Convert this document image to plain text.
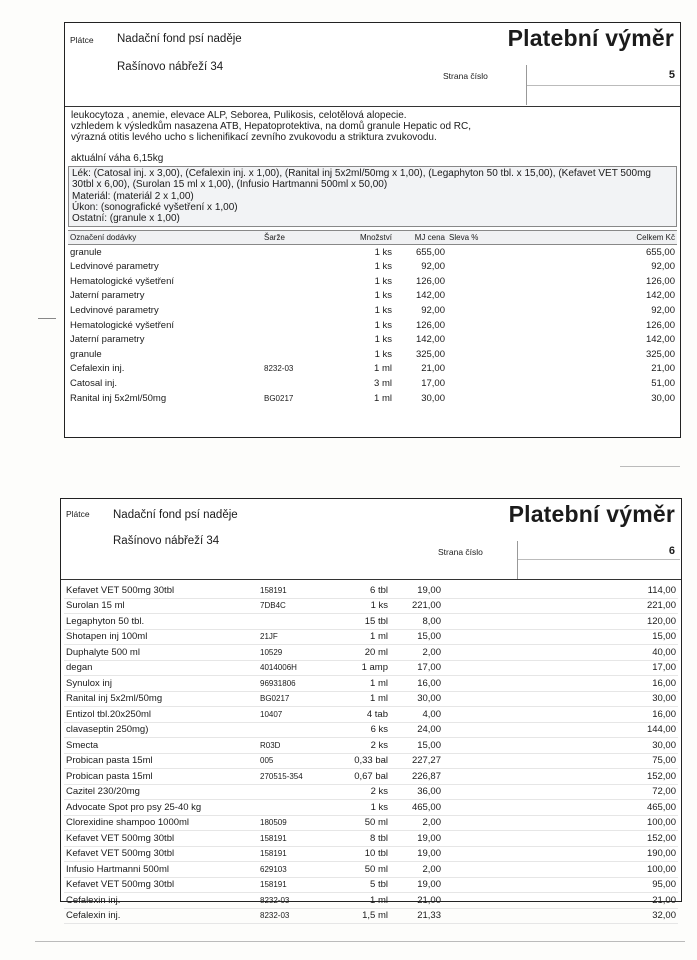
Plátce Nadační fond psí naděje
Rašínovo nábřeží 34
Platební výměr
Strana číslo	5
leukocytoza , anemie, elevace ALP, Seborea, Pulikosis, celotělová alopecie.
vzhledem k výsledkům nasazena ATB, Hepatoprotektiva, na domů granule Hepatic od RC,
výrazná otitis levého ucho s lichenifikací zevního zvukovodu a striktura zvukovodu.
aktuální váha 6,15kg
Lék: (Catosal inj. x 3,00), (Cefalexin inj. x 1,00), (Ranital inj 5x2ml/50mg x 1,00), (Legaphyton 50 tbl. x 15,00), (Kefavet VET 500mg 30tbl x 6,00), (Surolan 15 ml x 1,00), (Infusio Hartmanni 500ml x 50,00)
Materiál: (materiál 2 x 1,00)
Úkon: (sonografické vyšetření x 1,00)
Ostatní: (granule x 1,00)
Označení dodávky	Šarže	Množství	MJ cena	Sleva %	Celkem Kč
granule		1 ks	655,00		655,00
Ledvinové parametry		1 ks	92,00		92,00
Hematologické vyšetření		1 ks	126,00		126,00
Jaterní parametry		1 ks	142,00		142,00
Ledvinové parametry		1 ks	92,00		92,00
Hematologické vyšetření		1 ks	126,00		126,00
Jaterní parametry		1 ks	142,00		142,00
granule		1 ks	325,00		325,00
Cefalexin inj.	8232-03	1 ml	21,00		21,00
Catosal inj.		3 ml	17,00		51,00
Ranital inj 5x2ml/50mg	BG0217	1 ml	30,00		30,00
Plátce Nadační fond psí naděje
Rašínovo nábřeží 34
Platební výměr
Strana číslo	6
Kefavet VET 500mg 30tbl	158191	6 tbl	19,00		114,00
Surolan 15 ml	7DB4C	1 ks	221,00		221,00
Legaphyton 50 tbl.		15 tbl	8,00		120,00
Shotapen inj 100ml	21JF	1 ml	15,00		15,00
Duphalyte 500 ml	10529	20 ml	2,00		40,00
degan	4014006H	1 amp	17,00		17,00
Synulox inj	96931806	1 ml	16,00		16,00
Ranital inj 5x2ml/50mg	BG0217	1 ml	30,00		30,00
Entizol tbl.20x250ml	10407	4 tab	4,00		16,00
clavaseptin 250mg)		6 ks	24,00		144,00
Smecta	R03D	2 ks	15,00		30,00
Probican pasta 15ml	005	0,33 bal	227,27		75,00
Probican pasta 15ml	270515-354	0,67 bal	226,87		152,00
Cazitel 230/20mg		2 ks	36,00		72,00
Advocate Spot pro psy 25-40 kg		1 ks	465,00		465,00
Clorexidine shampoo 1000ml	180509	50 ml	2,00		100,00
Kefavet VET 500mg 30tbl	158191	8 tbl	19,00		152,00
Kefavet VET 500mg 30tbl	158191	10 tbl	19,00		190,00
Infusio Hartmanni 500ml	629103	50 ml	2,00		100,00
Kefavet VET 500mg 30tbl	158191	5 tbl	19,00		95,00
Cefalexin inj.	8232-03	1 ml	21,00		21,00
Cefalexin inj.	8232-03	1,5 ml	21,33		32,00
